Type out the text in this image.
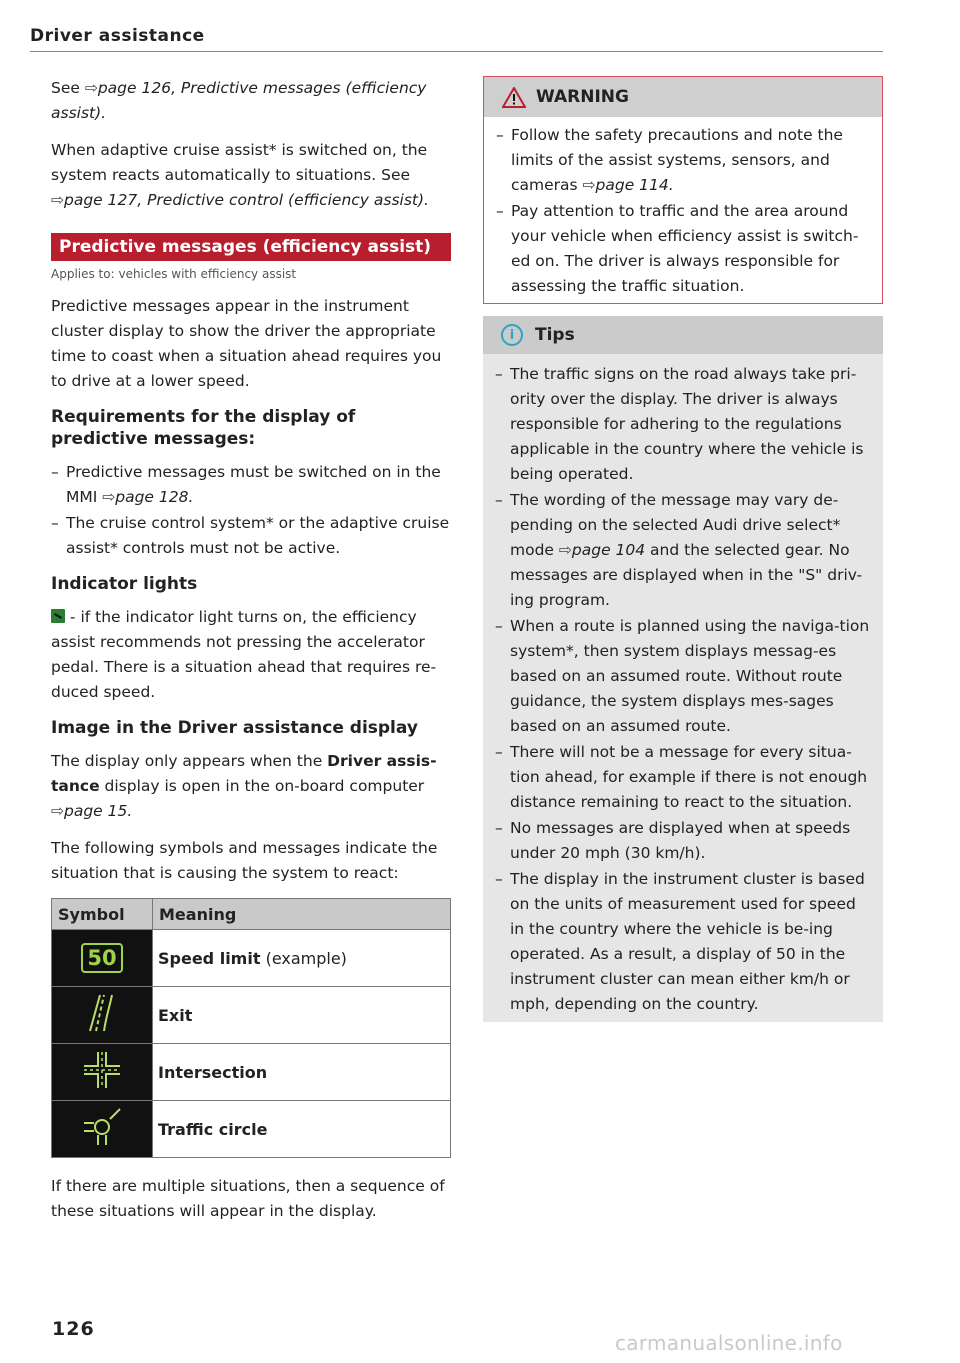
Driver assistance

See ⇨page 126, Predictive messages (efficiency assist).

When adaptive cruise assist* is switched on, the system reacts automatically to situations. See ⇨page 127, Predictive control (efficiency assist).

Predictive messages (efficiency assist)
Applies to: vehicles with efficiency assist

Predictive messages appear in the instrument cluster display to show the driver the appropriate time to coast when a situation ahead requires you to drive at a lower speed.

Requirements for the display of predictive messages:
– Predictive messages must be switched on in the MMI ⇨page 128.
– The cruise control system* or the adaptive cruise assist* controls must not be active.
Indicator lights

- if the indicator light turns on, the efficiency assist recommends not pressing the accelerator pedal. There is a situation ahead that requires re-duced speed.

Image in the Driver assistance display

The display only appears when the Driver assis-tance display is open in the on-board computer ⇨page 15.

The following symbols and messages indicate the situation that is causing the system to react:

Symbol	Meaning
50	Speed limit (example)
	Exit
	Intersection
	Traffic circle

If there are multiple situations, then a sequence of these situations will appear in the display.

WARNING
– Follow the safety precautions and note the limits of the assist systems, sensors, and cameras ⇨page 114.
– Pay attention to traffic and the area around your vehicle when efficiency assist is switch-ed on. The driver is always responsible for assessing the traffic situation.
i	Tips
– The traffic signs on the road always take pri-ority over the display. The driver is always responsible for adhering to the regulations applicable in the country where the vehicle is being operated.
– The wording of the message may vary de-pending on the selected Audi drive select* mode ⇨page 104 and the selected gear. No messages are displayed when in the "S" driv-ing program.
– When a route is planned using the naviga-tion system*, then system displays messag-es based on an assumed route. Without route guidance, the system displays mes-sages based on an assumed route.
– There will not be a message for every situa-tion ahead, for example if there is not enough distance remaining to react to the situation.
– No messages are displayed when at speeds under 20 mph (30 km/h).
– The display in the instrument cluster is based on the units of measurement used for speed in the country where the vehicle is be-ing operated. As a result, a display of 50 in the instrument cluster can mean either km/h or mph, depending on the country.
126
carmanualsonline.info
